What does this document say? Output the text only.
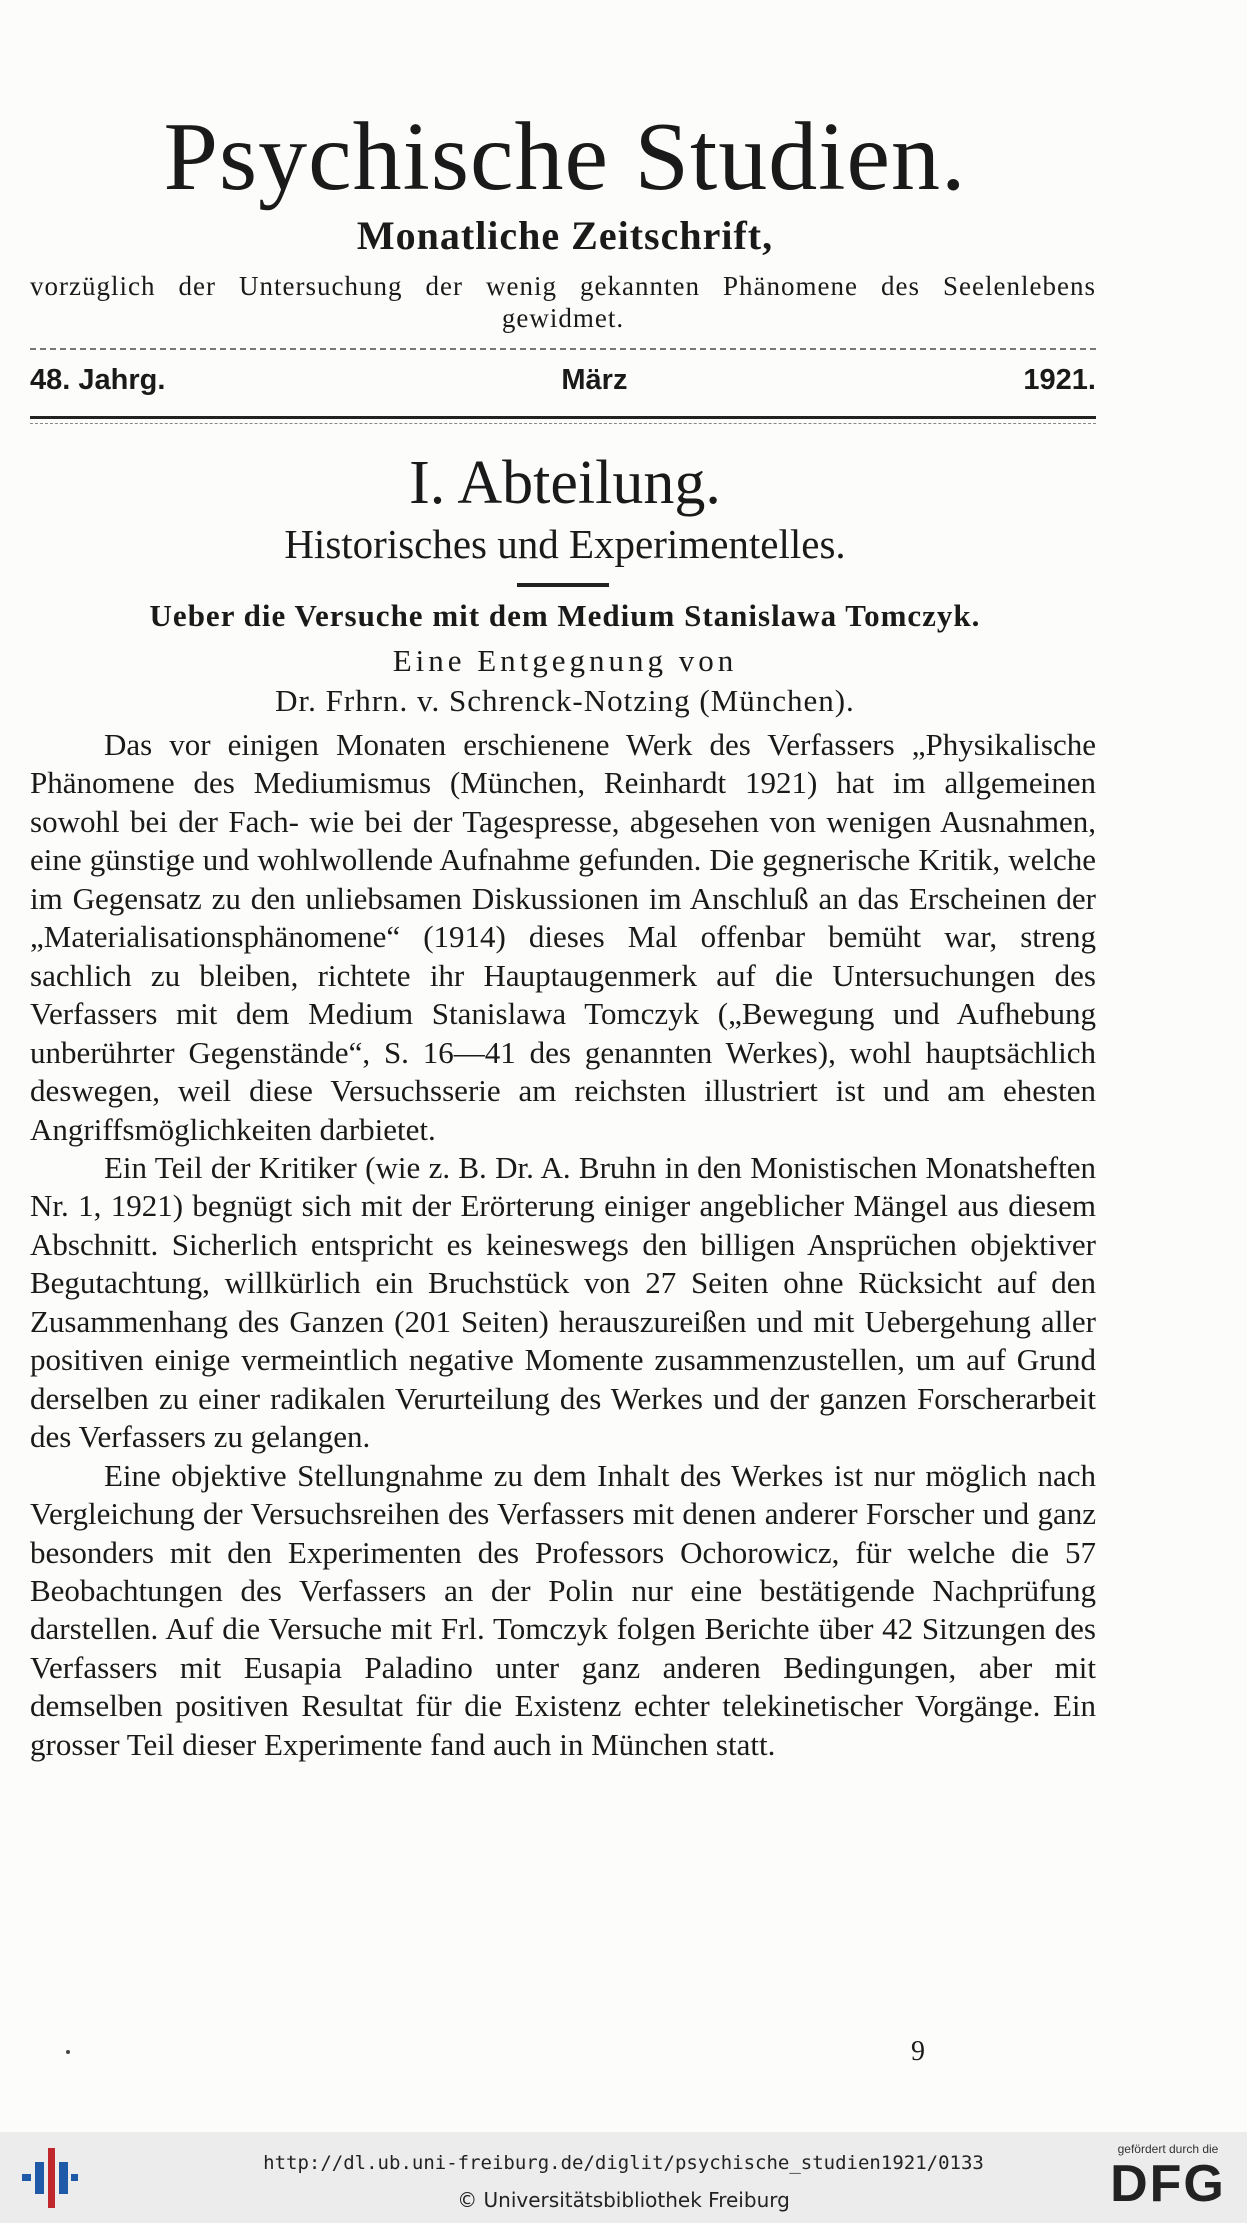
Psychische Studien.
Monatliche Zeitschrift,
vorzüglich der Untersuchung der wenig gekannten Phänomene des Seelenlebens gewidmet.
48. Jahrg.	März	1921.
I. Abteilung.
Historisches und Experimentelles.
Ueber die Versuche mit dem Medium Stanislawa Tomczyk.
Eine Entgegnung von
Dr. Frhrn. v. Schrenck-Notzing (München).

Das vor einigen Monaten erschienene Werk des Verfassers „Physikalische Phänomene des Mediumismus (München, Reinhardt 1921) hat im allgemeinen sowohl bei der Fach- wie bei der Tagespresse, abgesehen von wenigen Ausnahmen, eine günstige und wohlwollende Aufnahme gefunden. Die gegnerische Kritik, welche im Gegensatz zu den unliebsamen Diskussionen im Anschluß an das Erscheinen der „Materialisationsphänomene“ (1914) dieses Mal offenbar bemüht war, streng sachlich zu bleiben, richtete ihr Hauptaugenmerk auf die Untersuchungen des Verfassers mit dem Medium Stanislawa Tomczyk („Bewegung und Aufhebung unberührter Gegenstände“, S. 16—41 des genannten Werkes), wohl hauptsächlich deswegen, weil diese Versuchsserie am reichsten illustriert ist und am ehesten Angriffsmöglichkeiten darbietet.

Ein Teil der Kritiker (wie z. B. Dr. A. Bruhn in den Monistischen Monatsheften Nr. 1, 1921) begnügt sich mit der Erörterung einiger angeblicher Mängel aus diesem Abschnitt. Sicherlich entspricht es keineswegs den billigen Ansprüchen objektiver Begutachtung, willkürlich ein Bruchstück von 27 Seiten ohne Rücksicht auf den Zusammenhang des Ganzen (201 Seiten) herauszureißen und mit Uebergehung aller positiven einige vermeintlich negative Momente zusammenzustellen, um auf Grund derselben zu einer radikalen Verurteilung des Werkes und der ganzen Forscherarbeit des Verfassers zu gelangen.

Eine objektive Stellungnahme zu dem Inhalt des Werkes ist nur möglich nach Vergleichung der Versuchsreihen des Verfassers mit denen anderer Forscher und ganz besonders mit den Experimenten des Professors Ochorowicz, für welche die 57 Beobachtungen des Verfassers an der Polin nur eine bestätigende Nachprüfung darstellen. Auf die Versuche mit Frl. Tomczyk folgen Berichte über 42 Sitzungen des Verfassers mit Eusapia Paladino unter ganz anderen Bedingungen, aber mit demselben positiven Resultat für die Existenz echter telekinetischer Vorgänge. Ein grosser Teil dieser Experimente fand auch in München statt.

9
http://dl.ub.uni-freiburg.de/diglit/psychische_studien1921/0133
© Universitätsbibliothek Freiburg
gefördert durch die
DFG
